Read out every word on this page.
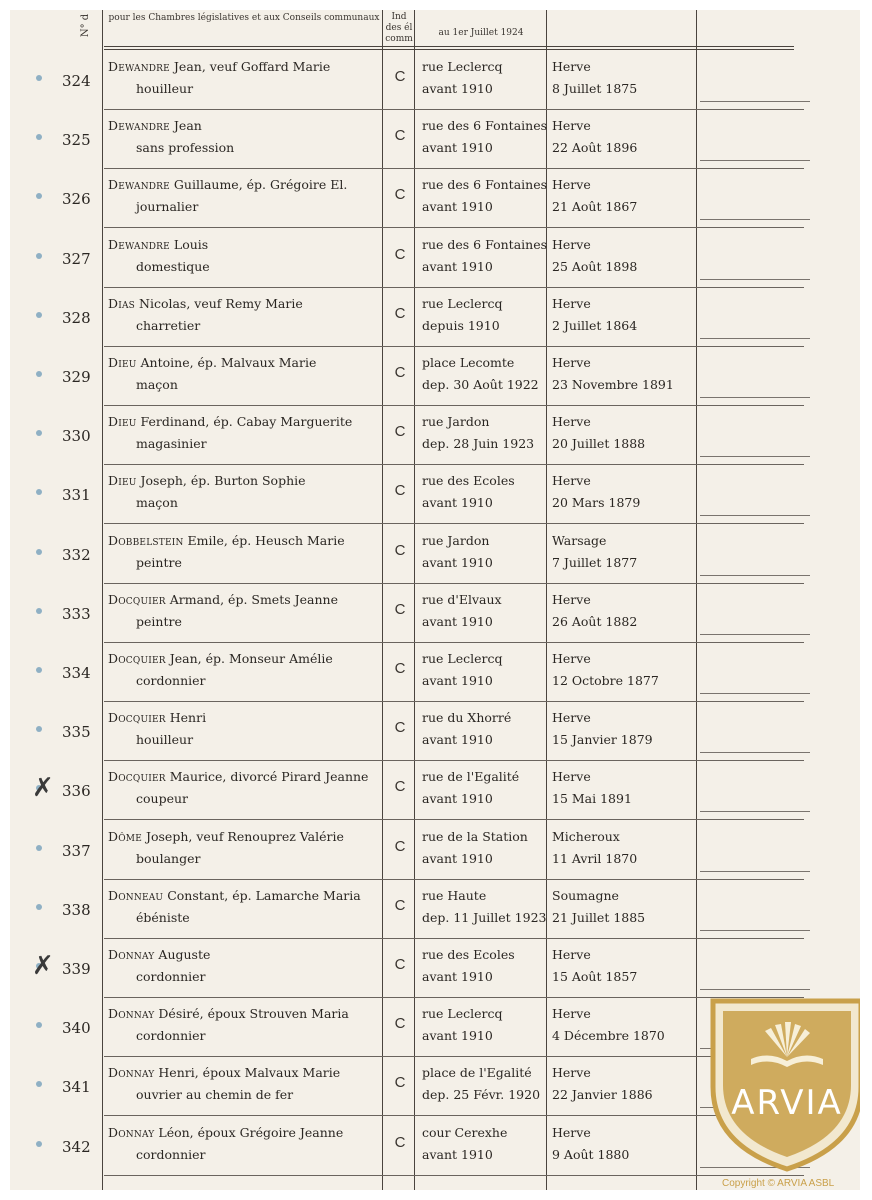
N° d	pour les Chambres législatives et aux Conseils communaux	Ind des él comm
au 1er Juillet 1924
324
Dewandre Jean, veuf Goffard Marie
houilleur
C
rue Leclercq
avant 1910
Herve
8 Juillet 1875
325
Dewandre Jean
sans profession
C
rue des 6 Fontaines
avant 1910
Herve
22 Août 1896
326
Dewandre Guillaume, ép. Grégoire El.
journalier
C
rue des 6 Fontaines
avant 1910
Herve
21 Août 1867
327
Dewandre Louis
domestique
C
rue des 6 Fontaines
avant 1910
Herve
25 Août 1898
328
Dias Nicolas, veuf Remy Marie
charretier
C
rue Leclercq
depuis 1910
Herve
2 Juillet 1864
329
Dieu Antoine, ép. Malvaux Marie
maçon
C
place Lecomte
dep. 30 Août 1922
Herve
23 Novembre 1891
330
Dieu Ferdinand, ép. Cabay Marguerite
magasinier
C
rue Jardon
dep. 28 Juin 1923
Herve
20 Juillet 1888
331
Dieu Joseph, ép. Burton Sophie
maçon
C
rue des Ecoles
avant 1910
Herve
20 Mars 1879
332
Dobbelstein Emile, ép. Heusch Marie
peintre
C
rue Jardon
avant 1910
Warsage
7 Juillet 1877
333
Docquier Armand, ép. Smets Jeanne
peintre
C
rue d'Elvaux
avant 1910
Herve
26 Août 1882
334
Docquier Jean, ép. Monseur Amélie
cordonnier
C
rue Leclercq
avant 1910
Herve
12 Octobre 1877
335
Docquier Henri
houilleur
C
rue du Xhorré
avant 1910
Herve
15 Janvier 1879
✗ 336
Docquier Maurice, divorcé Pirard Jeanne
coupeur
C
rue de l'Egalité
avant 1910
Herve
15 Mai 1891
337
Dôme Joseph, veuf Renouprez Valérie
boulanger
C
rue de la Station
avant 1910
Micheroux
11 Avril 1870
338
Donneau Constant, ép. Lamarche Maria
ébéniste
C
rue Haute
dep. 11 Juillet 1923
Soumagne
21 Juillet 1885
✗ 339
Donnay Auguste
cordonnier
C
rue des Ecoles
avant 1910
Herve
15 Août 1857
340
Donnay Désiré, époux Strouven Maria
cordonnier
C
rue Leclercq
avant 1910
Herve
4 Décembre 1870
341
Donnay Henri, époux Malvaux Marie
ouvrier au chemin de fer
C
place de l'Egalité
dep. 25 Févr. 1920
Herve
22 Janvier 1886
342
Donnay Léon, époux Grégoire Jeanne
cordonnier
C
cour Cerexhe
avant 1910
Herve
9 Août 1880
ARVIA
Copyright © ARVIA ASBL
